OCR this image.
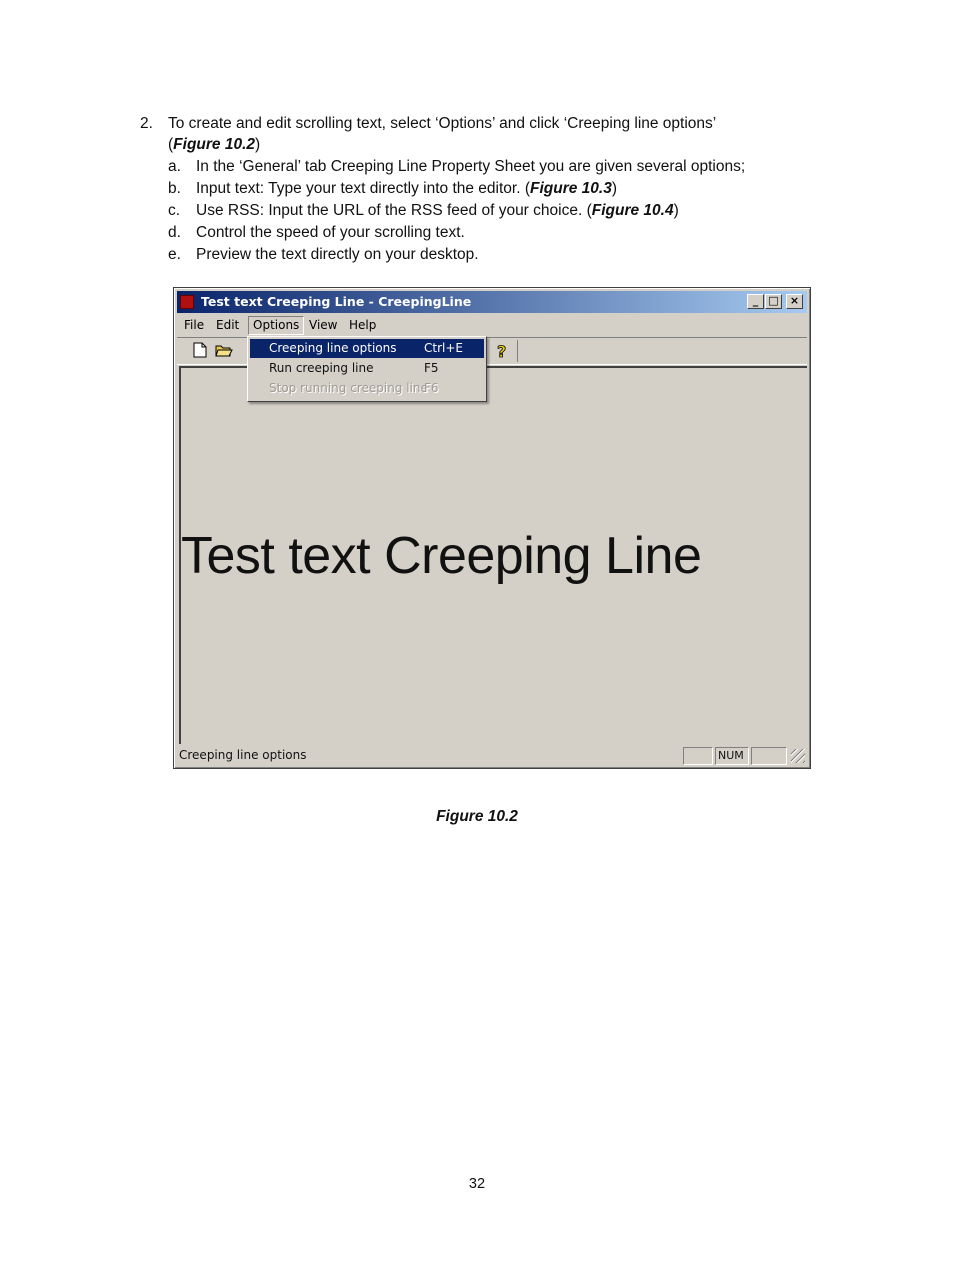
2. To create and edit scrolling text, select ‘Options’ and click ‘Creeping line options’
(Figure 10.2)
a. In the ‘General’ tab Creeping Line Property Sheet you are given several options;
b. Input text: Type your text directly into the editor. (Figure 10.3)
c. Use RSS: Input the URL of the RSS feed of your choice. (Figure 10.4)
d. Control the speed of your scrolling text.
e. Preview the text directly on your desktop.
Test text Creeping Line - CreepingLine	_ □	×
File Edit	Options View Help
?
Test text Creeping Line
Creeping line options Ctrl+E
Run creeping line	F5
Stop running creeping line
F6
Creeping line options	NUM
Figure 10.2
32
